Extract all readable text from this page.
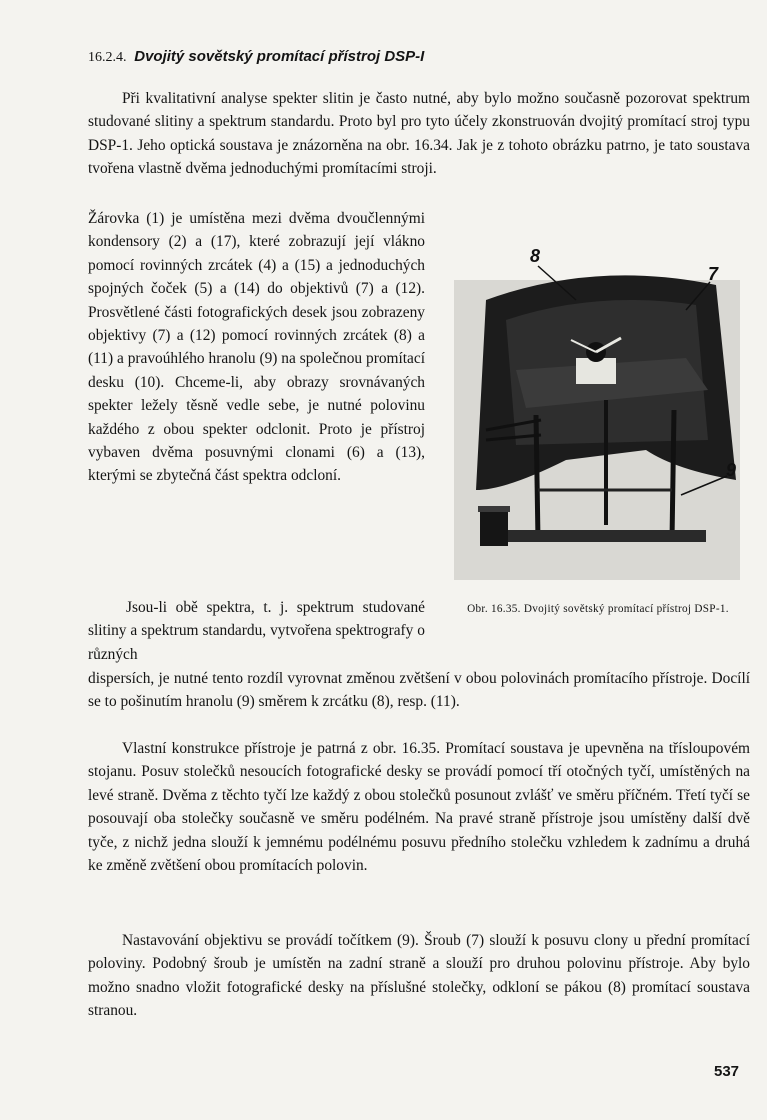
16.2.4. Dvojitý sovětský promítací přístroj DSP-I

Při kvalitativní analyse spekter slitin je často nutné, aby bylo možno současně pozorovat spektrum studované slitiny a spektrum standardu. Proto byl pro tyto účely zkonstruován dvojitý promítací stroj typu DSP-1. Jeho optická soustava je znázorněna na obr. 16.34. Jak je z tohoto obrázku patrno, je tato soustava tvořena vlastně dvěma jednoduchými promítacími stroji.

Žárovka (1) je umístěna mezi dvěma dvoučlennými kondensory (2) a (17), které zobrazují její vlákno pomocí rovinných zrcátek (4) a (15) a jednoduchých spojných čoček (5) a (14) do objektivů (7) a (12). Prosvětlené části fotografických desek jsou zobrazeny objektivy (7) a (12) pomocí rovinných zrcátek (8) a (11) a pravoúhlého hranolu (9) na společnou promítací desku (10). Chceme-li, aby obrazy srovnávaných spekter ležely těsně vedle sebe, je nutné polovinu každého z obou spekter odclonit. Proto je přístroj vybaven dvěma posuvnými clonami (6) a (13), kterými se zbytečná část spektra odcloní.

Jsou-li obě spektra, t. j. spektrum studované slitiny a spektrum standardu, vytvořena spektrografy o různých

dispersích, je nutné tento rozdíl vyrovnat změnou zvětšení v obou polovinách promítacího přístroje. Docílí se to pošinutím hranolu (9) směrem k zrcátku (8), resp. (11).

Vlastní konstrukce přístroje je patrná z obr. 16.35. Promítací soustava je upevněna na třísloupovém stojanu. Posuv stolečků nesoucích fotografické desky se provádí pomocí tří otočných tyčí, umístěných na levé straně. Dvěma z těchto tyčí lze každý z obou stolečků posunout zvlášť ve směru příčném. Třetí tyčí se posouvají oba stolečky současně ve směru podélném. Na pravé straně přístroje jsou umístěny další dvě tyče, z nichž jedna slouží k jemnému podélnému posuvu předního stolečku vzhledem k zadnímu a druhá ke změně zvětšení obou promítacích polovin.

Nastavování objektivu se provádí točítkem (9). Šroub (7) slouží k posuvu clony u přední promítací poloviny. Podobný šroub je umístěn na zadní straně a slouží pro druhou polovinu přístroje. Aby bylo možno snadno vložit fotografické desky na příslušné stolečky, odkloní se pákou (8) promítací soustava stranou.

8
7
9
Obr. 16.35. Dvojitý sovětský promítací přístroj DSP-1.
537
